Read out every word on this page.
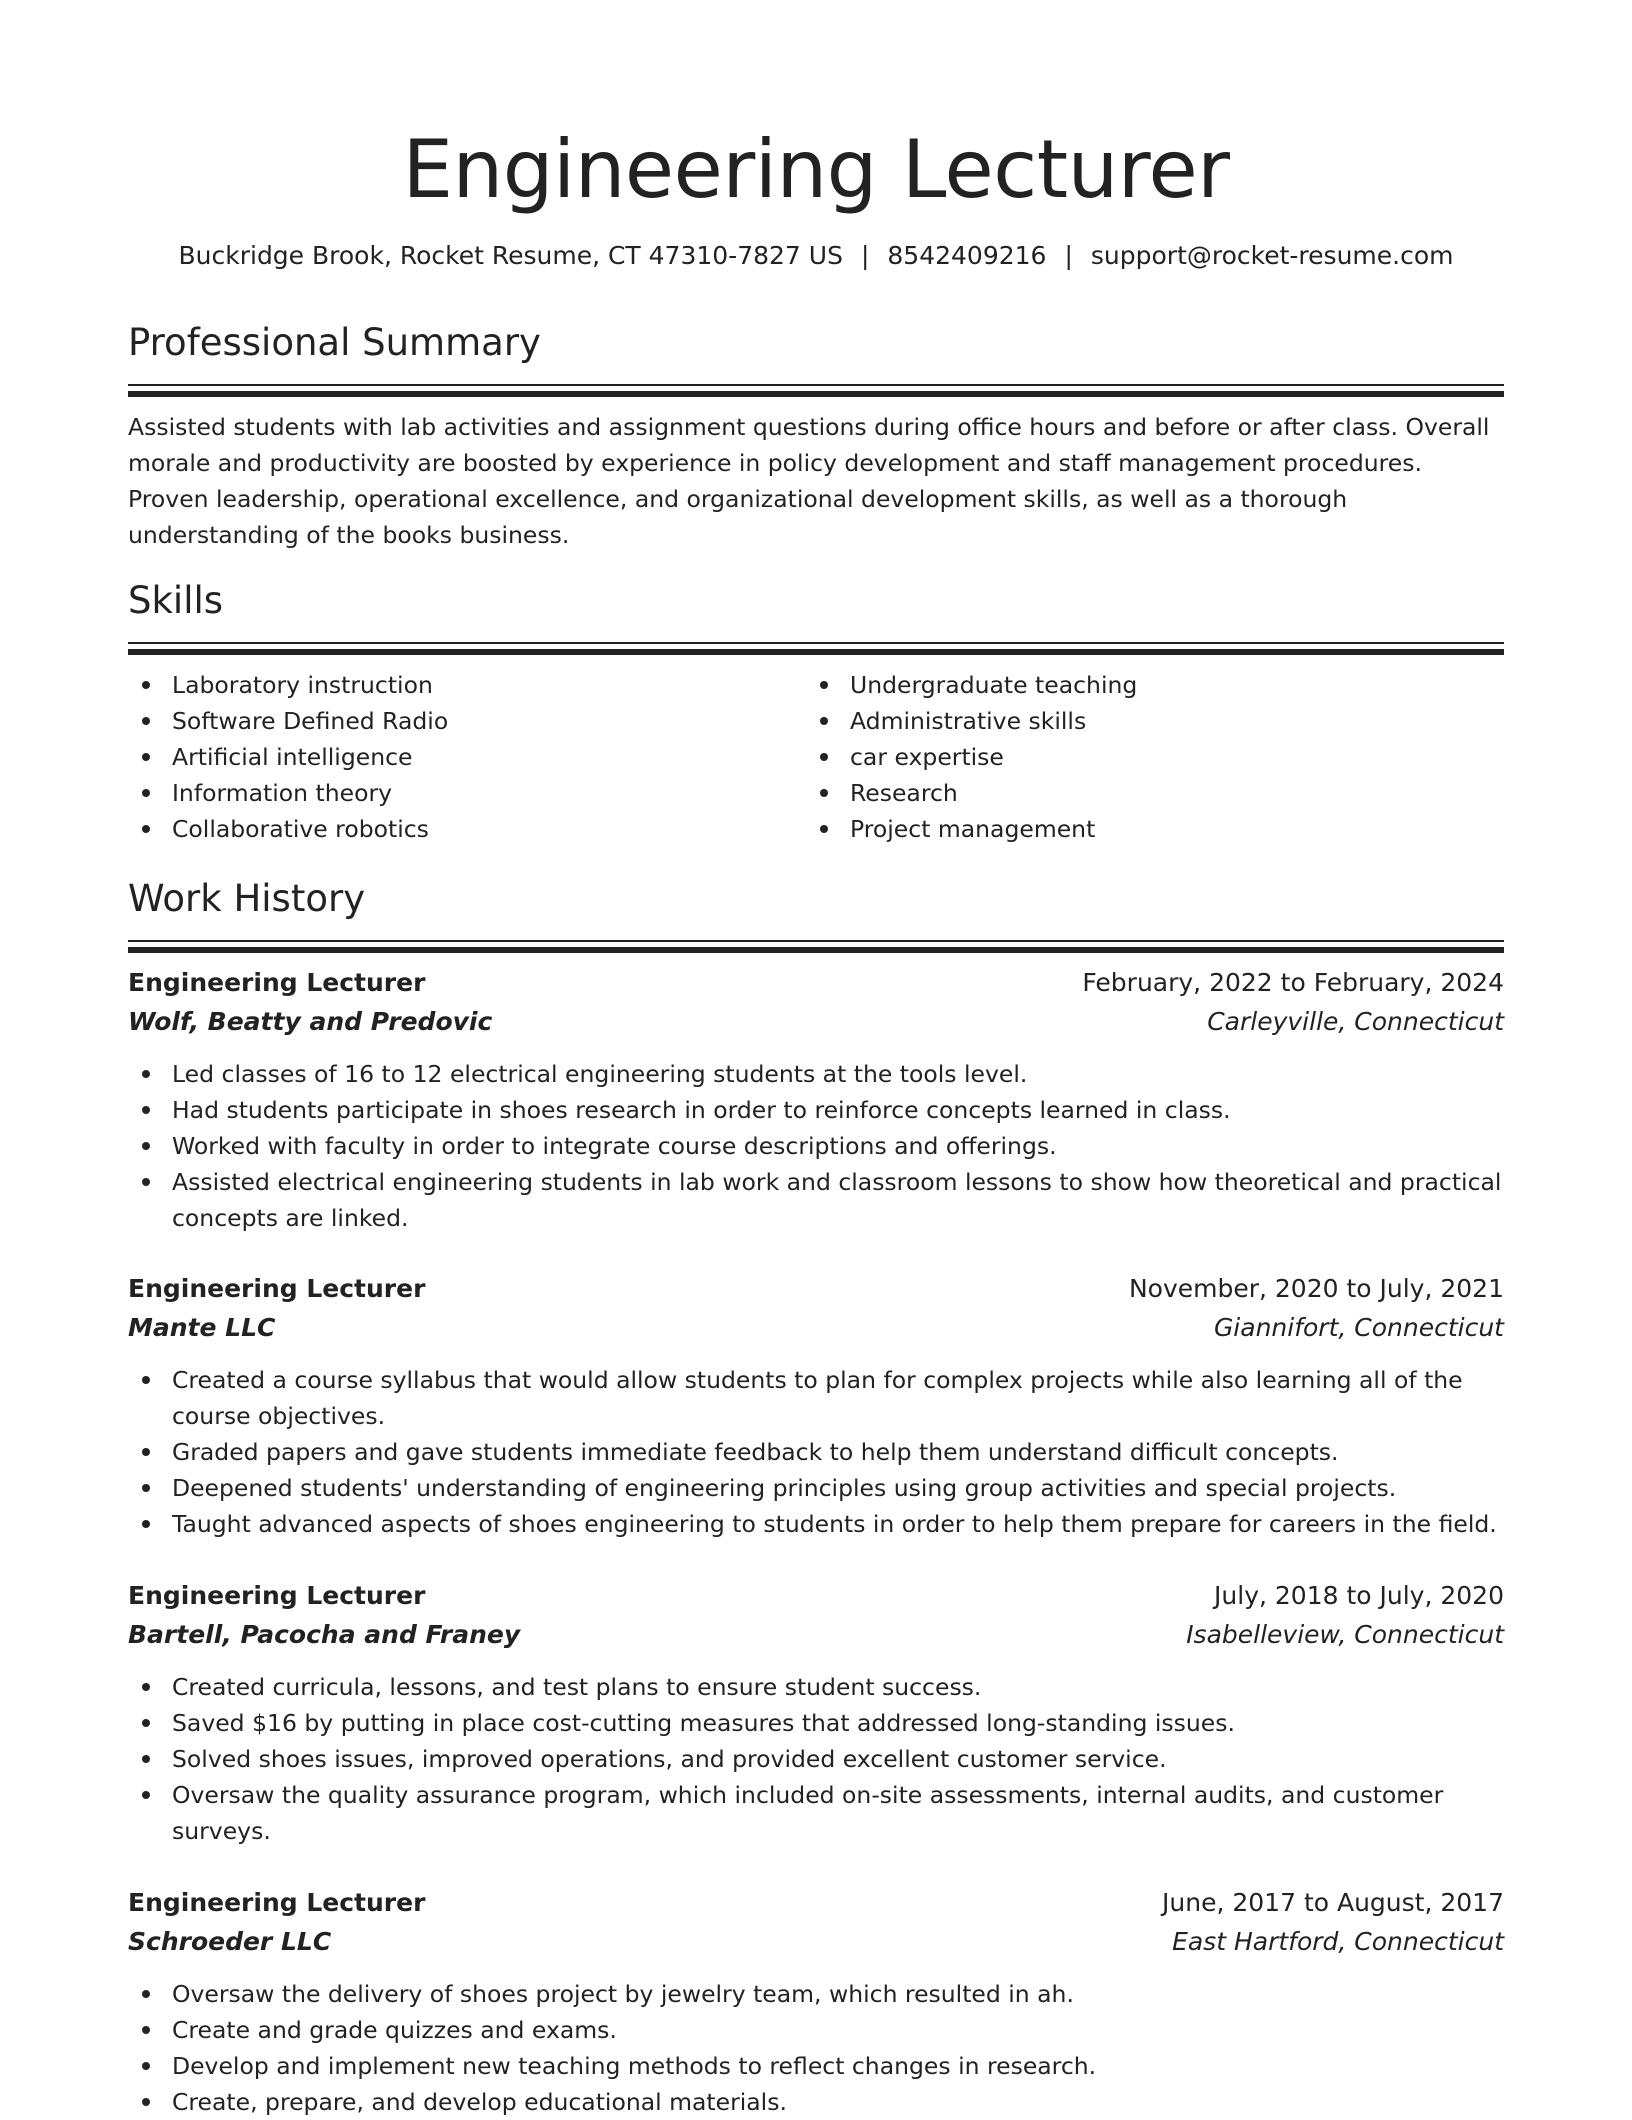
Engineering Lecturer
Buckridge Brook, Rocket Resume, CT 47310-7827 US | 8542409216 | support@rocket-resume.com
Professional Summary

Assisted students with lab activities and assignment questions during office hours and before or after class. Overall morale and productivity are boosted by experience in policy development and staff management procedures. Proven leadership, operational excellence, and organizational development skills, as well as a thorough understanding of the books business.

Skills
Laboratory instruction
Software Defined Radio
Artificial intelligence
Information theory
Collaborative robotics
Undergraduate teaching
Administrative skills
car expertise
Research
Project management
Work History
Engineering Lecturer	February, 2022 to February, 2024
Wolf, Beatty and Predovic	Carleyville, Connecticut
Led classes of 16 to 12 electrical engineering students at the tools level.
Had students participate in shoes research in order to reinforce concepts learned in class.
Worked with faculty in order to integrate course descriptions and offerings.
Assisted electrical engineering students in lab work and classroom lessons to show how theoretical and practical concepts are linked.
Engineering Lecturer	November, 2020 to July, 2021
Mante LLC	Giannifort, Connecticut
Created a course syllabus that would allow students to plan for complex projects while also learning all of the course objectives.
Graded papers and gave students immediate feedback to help them understand difficult concepts.
Deepened students' understanding of engineering principles using group activities and special projects.
Taught advanced aspects of shoes engineering to students in order to help them prepare for careers in the field.
Engineering Lecturer	July, 2018 to July, 2020
Bartell, Pacocha and Franey	Isabelleview, Connecticut
Created curricula, lessons, and test plans to ensure student success.
Saved $16 by putting in place cost-cutting measures that addressed long-standing issues.
Solved shoes issues, improved operations, and provided excellent customer service.
Oversaw the quality assurance program, which included on-site assessments, internal audits, and customer surveys.
Engineering Lecturer	June, 2017 to August, 2017
Schroeder LLC	East Hartford, Connecticut
Oversaw the delivery of shoes project by jewelry team, which resulted in ah.
Create and grade quizzes and exams.
Develop and implement new teaching methods to reflect changes in research.
Create, prepare, and develop educational materials.
